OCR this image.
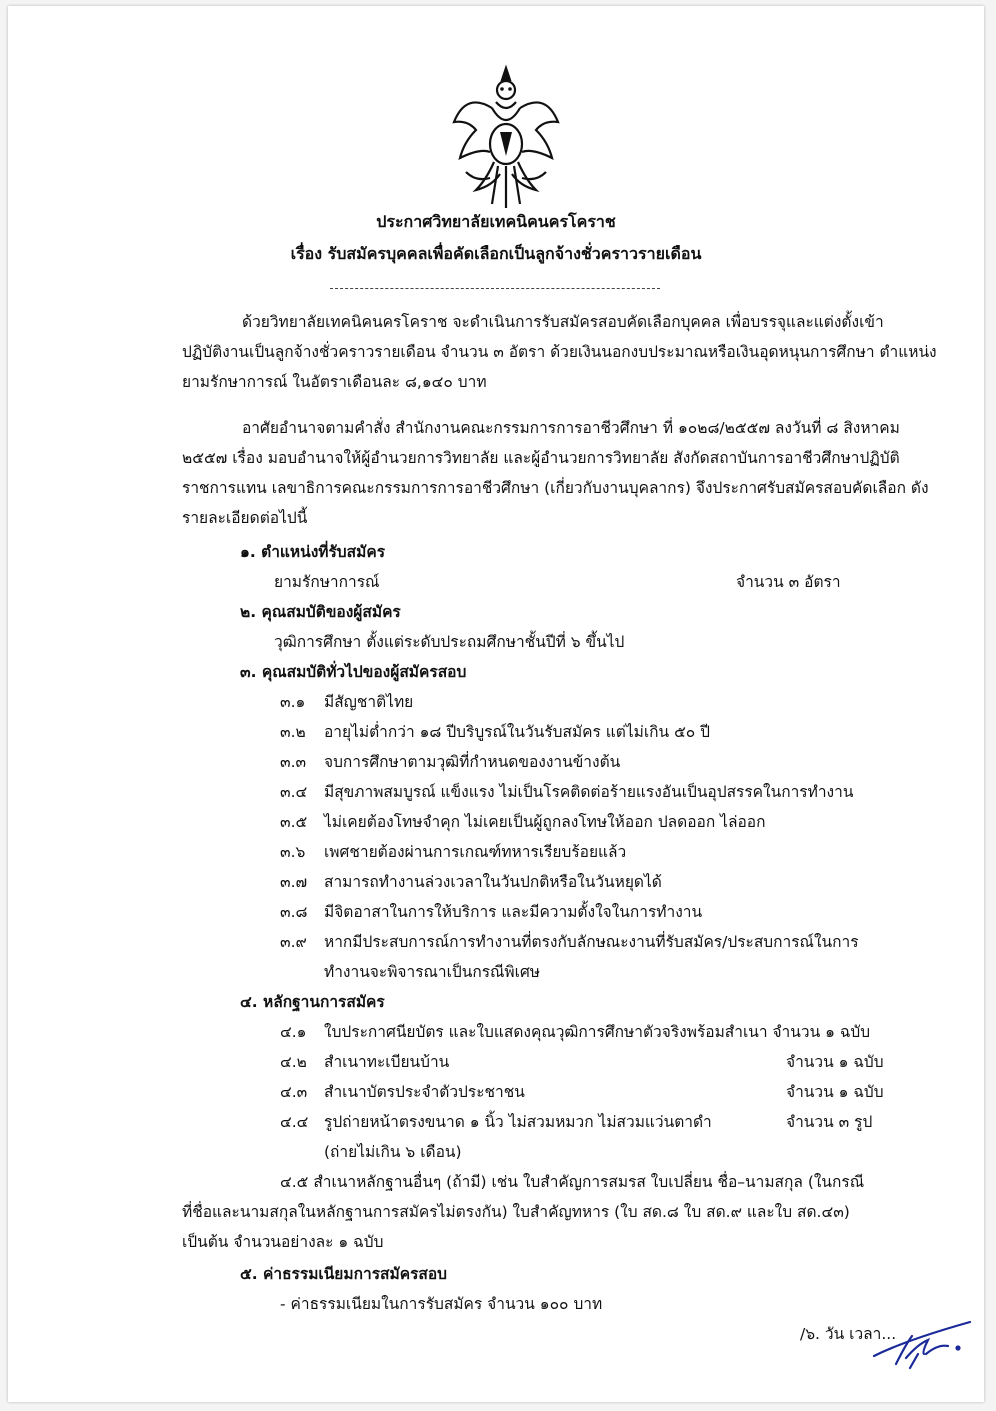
ประกาศวิทยาลัยเทคนิคนครโคราช
เรื่อง รับสมัครบุคคลเพื่อคัดเลือกเป็นลูกจ้างชั่วคราวรายเดือน
ด้วยวิทยาลัยเทคนิคนครโคราช จะดำเนินการรับสมัครสอบคัดเลือกบุคคล เพื่อบรรจุและแต่งตั้งเข้า
ปฏิบัติงานเป็นลูกจ้างชั่วคราวรายเดือน จำนวน ๓ อัตรา ด้วยเงินนอกงบประมาณหรือเงินอุดหนุนการศึกษา ตำแหน่ง
ยามรักษาการณ์ ในอัตราเดือนละ ๘,๑๔๐ บาท
อาศัยอำนาจตามคำสั่ง สำนักงานคณะกรรมการการอาชีวศึกษา ที่ ๑๐๒๘/๒๕๕๗ ลงวันที่ ๘ สิงหาคม
๒๕๕๗ เรื่อง มอบอำนาจให้ผู้อำนวยการวิทยาลัย และผู้อำนวยการวิทยาลัย สังกัดสถาบันการอาชีวศึกษาปฏิบัติ
ราชการแทน เลขาธิการคณะกรรมการการอาชีวศึกษา (เกี่ยวกับงานบุคลากร) จึงประกาศรับสมัครสอบคัดเลือก ดัง
รายละเอียดต่อไปนี้
๑. ตำแหน่งที่รับสมัคร
ยามรักษาการณ์	จำนวน ๓ อัตรา
๒. คุณสมบัติของผู้สมัคร
วุฒิการศึกษา ตั้งแต่ระดับประถมศึกษาชั้นปีที่ ๖ ขึ้นไป
๓. คุณสมบัติทั่วไปของผู้สมัครสอบ
๓.๑ มีสัญชาติไทย
๓.๒ อายุไม่ต่ำกว่า ๑๘ ปีบริบูรณ์ในวันรับสมัคร แต่ไม่เกิน ๕๐ ปี
๓.๓ จบการศึกษาตามวุฒิที่กำหนดของงานข้างต้น
๓.๔ มีสุขภาพสมบูรณ์ แข็งแรง ไม่เป็นโรคติดต่อร้ายแรงอันเป็นอุปสรรคในการทำงาน
๓.๕ ไม่เคยต้องโทษจำคุก ไม่เคยเป็นผู้ถูกลงโทษให้ออก ปลดออก ไล่ออก
๓.๖ เพศชายต้องผ่านการเกณฑ์ทหารเรียบร้อยแล้ว
๓.๗ สามารถทำงานล่วงเวลาในวันปกติหรือในวันหยุดได้
๓.๘ มีจิตอาสาในการให้บริการ และมีความตั้งใจในการทำงาน
๓.๙ หากมีประสบการณ์การทำงานที่ตรงกับลักษณะงานที่รับสมัคร/ประสบการณ์ในการ
ทำงานจะพิจารณาเป็นกรณีพิเศษ
๔. หลักฐานการสมัคร
๔.๑ ใบประกาศนียบัตร และใบแสดงคุณวุฒิการศึกษาตัวจริงพร้อมสำเนา จำนวน ๑ ฉบับ
๔.๒ สำเนาทะเบียนบ้าน	จำนวน ๑ ฉบับ
๔.๓ สำเนาบัตรประจำตัวประชาชน	จำนวน ๑ ฉบับ
๔.๔ รูปถ่ายหน้าตรงขนาด ๑ นิ้ว ไม่สวมหมวก ไม่สวมแว่นตาดำ	จำนวน ๓ รูป
(ถ่ายไม่เกิน ๖ เดือน)
๔.๕ สำเนาหลักฐานอื่นๆ (ถ้ามี) เช่น ใบสำคัญการสมรส ใบเปลี่ยน ชื่อ–นามสกุล (ในกรณี
ที่ชื่อและนามสกุลในหลักฐานการสมัครไม่ตรงกัน) ใบสำคัญทหาร (ใบ สด.๘ ใบ สด.๙ และใบ สด.๔๓)
เป็นต้น จำนวนอย่างละ ๑ ฉบับ
๕. ค่าธรรมเนียมการสมัครสอบ
- ค่าธรรมเนียมในการรับสมัคร จำนวน ๑๐๐ บาท
/๖. วัน เวลา...
